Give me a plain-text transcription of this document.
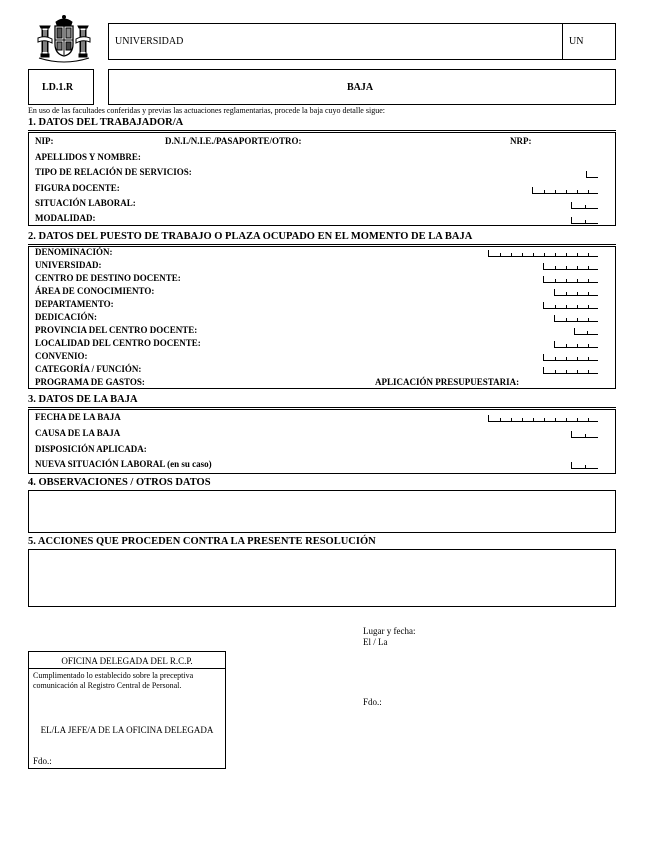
UNIVERSIDAD	UN
LD.1.R	BAJA
En uso de las facultades conferidas y previas las actuaciones reglamentarias, procede la baja cuyo detalle sigue:
1. DATOS DEL TRABAJADOR/A
NIP:	D.N.I./N.I.E./PASAPORTE/OTRO:	NRP:
APELLIDOS Y NOMBRE:
TIPO DE RELACIÓN DE SERVICIOS:
FIGURA DOCENTE:
SITUACIÓN LABORAL:
MODALIDAD:
2. DATOS DEL PUESTO DE TRABAJO O PLAZA OCUPADO EN EL MOMENTO DE LA BAJA
DENOMINACIÓN:
UNIVERSIDAD:
CENTRO DE DESTINO DOCENTE:
ÁREA DE CONOCIMIENTO:
DEPARTAMENTO:
DEDICACIÓN:
PROVINCIA DEL CENTRO DOCENTE:
LOCALIDAD DEL CENTRO DOCENTE:
CONVENIO:
CATEGORÍA / FUNCIÓN:
PROGRAMA DE GASTOS:	APLICACIÓN PRESUPUESTARIA:
3. DATOS DE LA BAJA
FECHA DE LA BAJA
CAUSA DE LA BAJA
DISPOSICIÓN APLICADA:
NUEVA SITUACIÓN LABORAL (en su caso)
4. OBSERVACIONES / OTROS DATOS
5. ACCIONES QUE PROCEDEN CONTRA LA PRESENTE RESOLUCIÓN
Lugar y fecha:
El / La
Fdo.:
OFICINA DELEGADA DEL R.C.P.
Cumplimentado lo establecido sobre la preceptiva comunicación al Registro Central de Personal.
EL/LA JEFE/A DE LA OFICINA DELEGADA
Fdo.:
